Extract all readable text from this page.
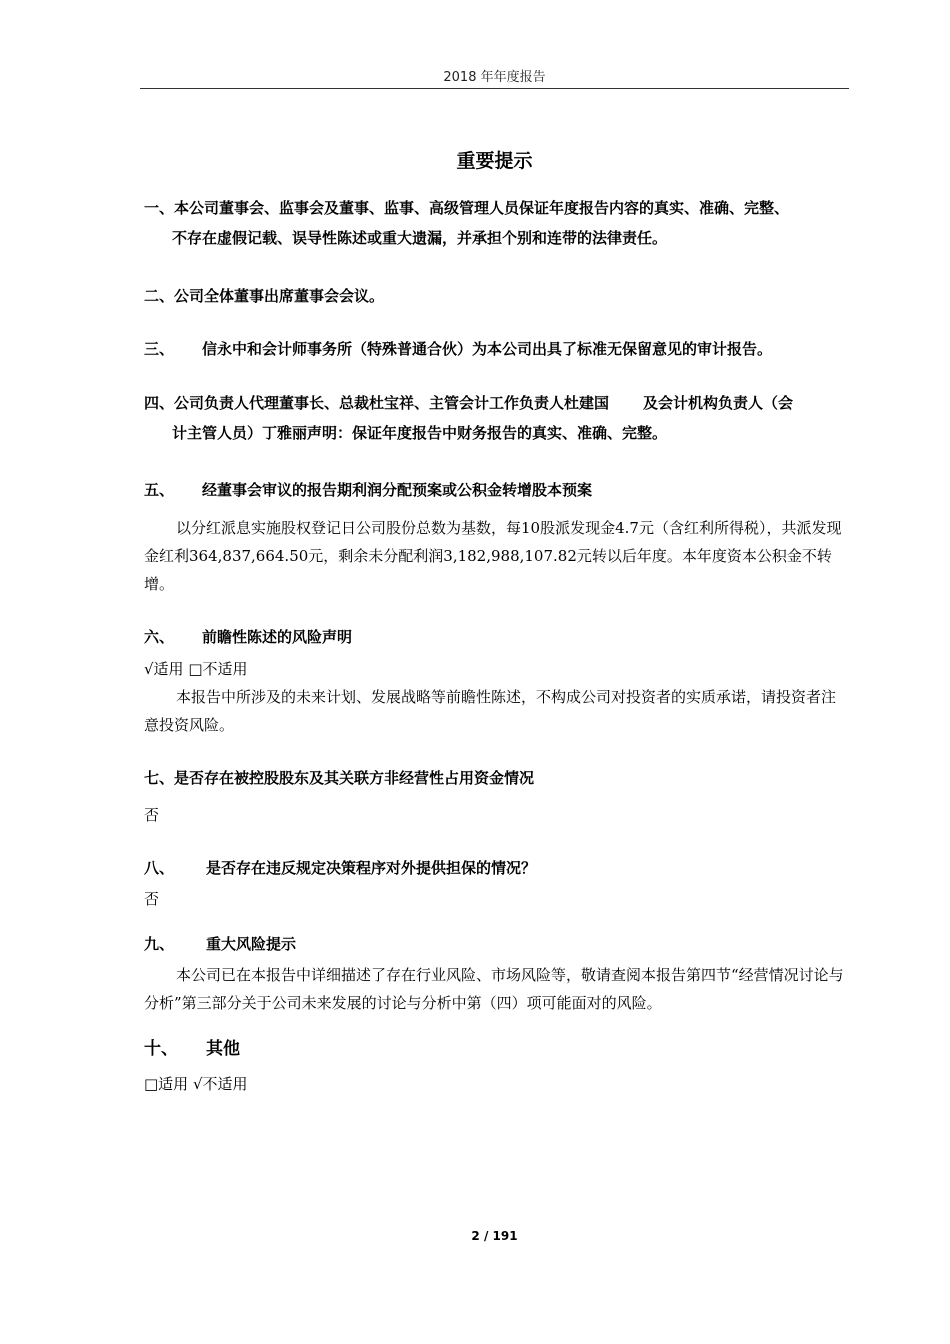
2018 年年度报告
重要提示
一、本公司董事会、监事会及董事、监事、高级管理人员保证年度报告内容的真实、准确、完整、
不存在虚假记载、误导性陈述或重大遗漏，并承担个别和连带的法律责任。
二、公司全体董事出席董事会会议。
三、 信永中和会计师事务所（特殊普通合伙）为本公司出具了标准无保留意见的审计报告。
四、公司负责人代理董事长、总裁杜宝祥、主管会计工作负责人杜建国 及会计机构负责人（会
计主管人员）丁雅丽声明：保证年度报告中财务报告的真实、准确、完整。
五、 经董事会审议的报告期利润分配预案或公积金转增股本预案
以分红派息实施股权登记日公司股份总数为基数，每10股派发现金4.7元（含红利所得税），共派发现金红利364,837,664.50元，剩余未分配利润3,182,988,107.82元转以后年度。本年度资本公积金不转增。
六、 前瞻性陈述的风险声明
√适用 □不适用
本报告中所涉及的未来计划、发展战略等前瞻性陈述，不构成公司对投资者的实质承诺，请投资者注意投资风险。
七、是否存在被控股股东及其关联方非经营性占用资金情况
否
八、 是否存在违反规定决策程序对外提供担保的情况？
否
九、 重大风险提示
本公司已在本报告中详细描述了存在行业风险、市场风险等，敬请查阅本报告第四节“经营情况讨论与分析”第三部分关于公司未来发展的讨论与分析中第（四）项可能面对的风险。
十、 其他
□适用 √不适用
2 / 191
